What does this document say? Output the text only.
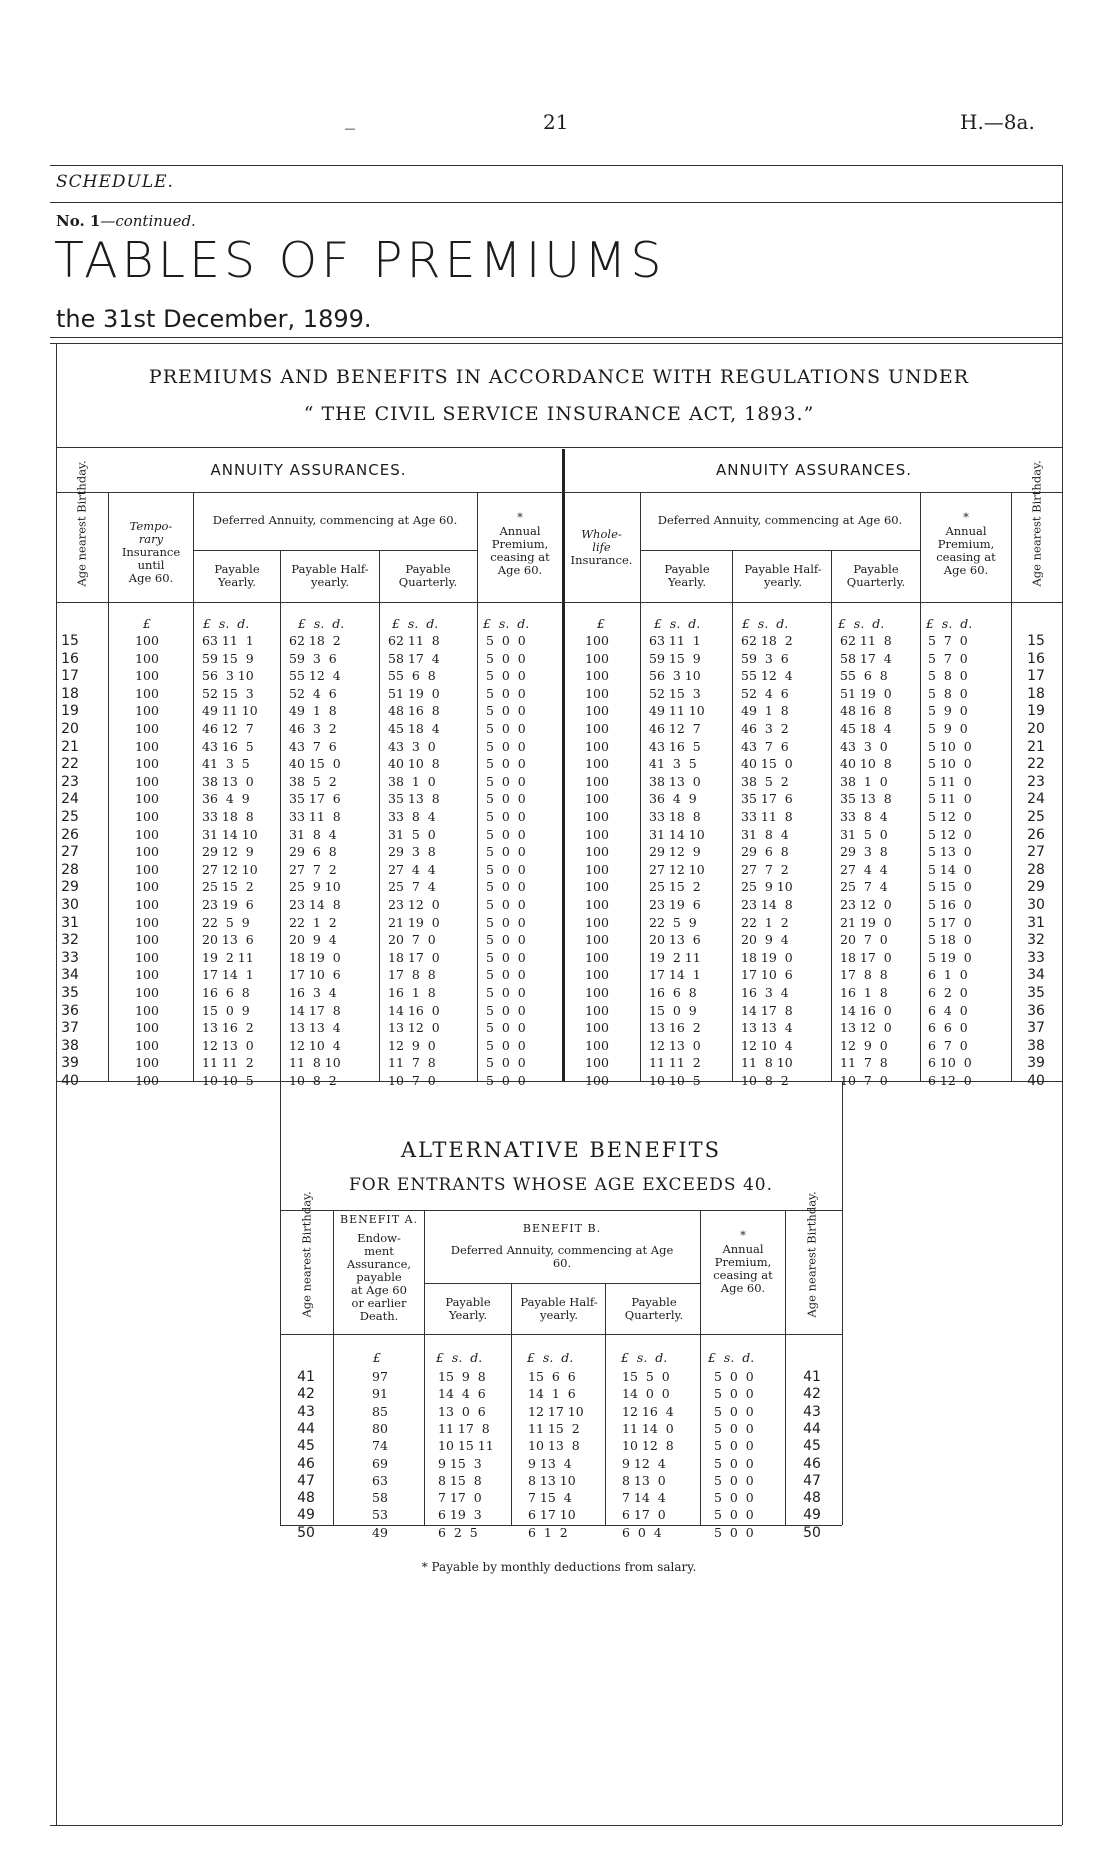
_	21	H.—8a.
SCHEDULE.
No. 1—continued.
TABLES OF PREMIUMS
the 31st December, 1899.
PREMIUMS AND BENEFITS IN ACCORDANCE WITH REGULATIONS UNDER
“ THE CIVIL SERVICE INSURANCE ACT, 1893.”
ANNUITY ASSURANCES.	ANNUITY ASSURANCES.
Age nearest Birthday.	Tempo-
rary
Insurance
until
Age 60.
Deferred Annuity, commencing at Age 60.
Payable Yearly.
Payable Half-yearly.
Payable Quarterly.
*
Annual Premium, ceasing at Age 60.
Whole-
life
Insurance.
Deferred Annuity, commencing at Age 60.
Payable Yearly.
Payable Half-yearly.
Payable Quarterly.
*
Annual Premium, ceasing at Age 60.	Age nearest Birthday.
£	£  s.  d.	£  s.  d.	£  s.  d.	£  s.  d.	£	£  s.  d.	£  s.  d.	£  s.  d.	£  s.  d.
15	100	63 11  1	62 18  2	62 11  8	5  0  0	100	63 11  1	62 18  2	62 11  8	5  7  0	15
16	100	59 15  9	59  3  6	58 17  4	5  0  0	100	59 15  9	59  3  6	58 17  4	5  7  0	16
17	100	56  3 10	55 12  4	55  6  8	5  0  0	100	56  3 10	55 12  4	55  6  8	5  8  0	17
18	100	52 15  3	52  4  6	51 19  0	5  0  0	100	52 15  3	52  4  6	51 19  0	5  8  0	18
19	100	49 11 10	49  1  8	48 16  8	5  0  0	100	49 11 10	49  1  8	48 16  8	5  9  0	19
20	100	46 12  7	46  3  2	45 18  4	5  0  0	100	46 12  7	46  3  2	45 18  4	5  9  0	20
21	100	43 16  5	43  7  6	43  3  0	5  0  0	100	43 16  5	43  7  6	43  3  0	5 10  0	21
22	100	41  3  5	40 15  0	40 10  8	5  0  0	100	41  3  5	40 15  0	40 10  8	5 10  0	22
23	100	38 13  0	38  5  2	38  1  0	5  0  0	100	38 13  0	38  5  2	38  1  0	5 11  0	23
24	100	36  4  9	35 17  6	35 13  8	5  0  0	100	36  4  9	35 17  6	35 13  8	5 11  0	24
25	100	33 18  8	33 11  8	33  8  4	5  0  0	100	33 18  8	33 11  8	33  8  4	5 12  0	25
26	100	31 14 10	31  8  4	31  5  0	5  0  0	100	31 14 10	31  8  4	31  5  0	5 12  0	26
27	100	29 12  9	29  6  8	29  3  8	5  0  0	100	29 12  9	29  6  8	29  3  8	5 13  0	27
28	100	27 12 10	27  7  2	27  4  4	5  0  0	100	27 12 10	27  7  2	27  4  4	5 14  0	28
29	100	25 15  2	25  9 10	25  7  4	5  0  0	100	25 15  2	25  9 10	25  7  4	5 15  0	29
30	100	23 19  6	23 14  8	23 12  0	5  0  0	100	23 19  6	23 14  8	23 12  0	5 16  0	30
31	100	22  5  9	22  1  2	21 19  0	5  0  0	100	22  5  9	22  1  2	21 19  0	5 17  0	31
32	100	20 13  6	20  9  4	20  7  0	5  0  0	100	20 13  6	20  9  4	20  7  0	5 18  0	32
33	100	19  2 11	18 19  0	18 17  0	5  0  0	100	19  2 11	18 19  0	18 17  0	5 19  0	33
34	100	17 14  1	17 10  6	17  8  8	5  0  0	100	17 14  1	17 10  6	17  8  8	6  1  0	34
35	100	16  6  8	16  3  4	16  1  8	5  0  0	100	16  6  8	16  3  4	16  1  8	6  2  0	35
36	100	15  0  9	14 17  8	14 16  0	5  0  0	100	15  0  9	14 17  8	14 16  0	6  4  0	36
37	100	13 16  2	13 13  4	13 12  0	5  0  0	100	13 16  2	13 13  4	13 12  0	6  6  0	37
38	100	12 13  0	12 10  4	12  9  0	5  0  0	100	12 13  0	12 10  4	12  9  0	6  7  0	38
39	100	11 11  2	11  8 10	11  7  8	5  0  0	100	11 11  2	11  8 10	11  7  8	6 10  0	39
40	100	10 10  5	10  8  2	10  7  0	5  0  0	100	10 10  5	10  8  2	10  7  0	6 12  0	40
ALTERNATIVE BENEFITS
FOR ENTRANTS WHOSE AGE EXCEEDS 40.
Age nearest Birthday.	BENEFIT A.
Endow-
ment
Assurance,
payable
at Age 60
or earlier
Death.
BENEFIT B.
Deferred Annuity, commencing at Age 60.
Payable Yearly.
Payable Half-yearly.
Payable Quarterly.
*
Annual Premium, ceasing at Age 60.	Age nearest Birthday.
£	£  s.  d.	£  s.  d.	£  s.  d.	£  s.  d.
41	97	15  9  8	15  6  6	15  5  0	5  0  0	41
42	91	14  4  6	14  1  6	14  0  0	5  0  0	42
43	85	13  0  6	12 17 10	12 16  4	5  0  0	43
44	80	11 17  8	11 15  2	11 14  0	5  0  0	44
45	74	10 15 11	10 13  8	10 12  8	5  0  0	45
46	69	9 15  3	9 13  4	9 12  4	5  0  0	46
47	63	8 15  8	8 13 10	8 13  0	5  0  0	47
48	58	7 17  0	7 15  4	7 14  4	5  0  0	48
49	53	6 19  3	6 17 10	6 17  0	5  0  0	49
50	49	6  2  5	6  1  2	6  0  4	5  0  0	50
* Payable by monthly deductions from salary.
